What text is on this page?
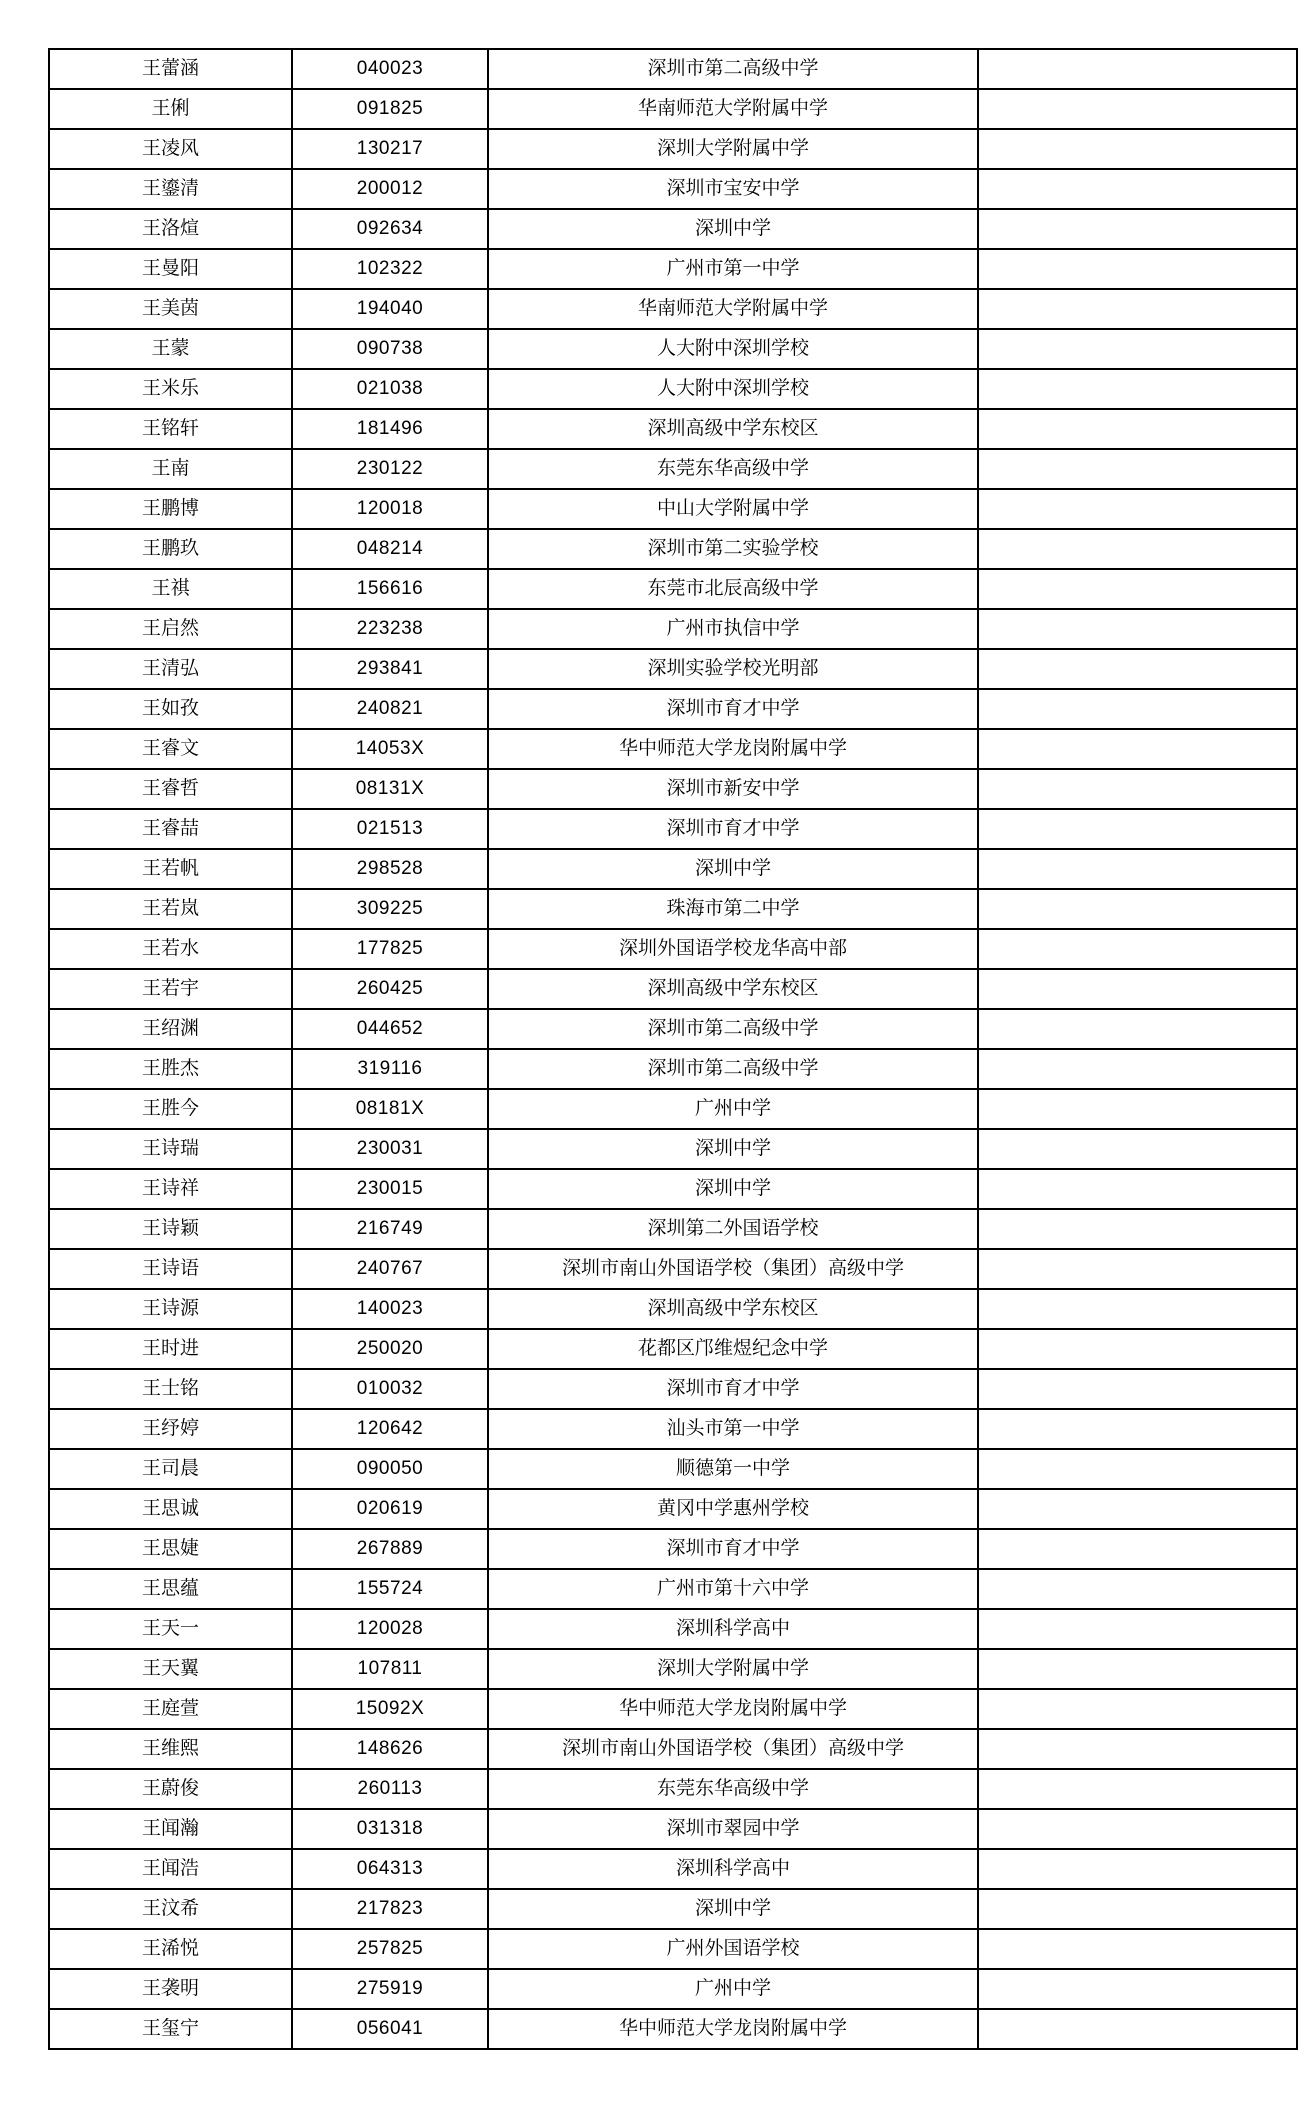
王蕾涵	040023	深圳市第二高级中学	
王俐	091825	华南师范大学附属中学	
王凌风	130217	深圳大学附属中学	
王鎏清	200012	深圳市宝安中学	
王洛煊	092634	深圳中学	
王曼阳	102322	广州市第一中学	
王美茵	194040	华南师范大学附属中学	
王蒙	090738	人大附中深圳学校	
王米乐	021038	人大附中深圳学校	
王铭轩	181496	深圳高级中学东校区	
王南	230122	东莞东华高级中学	
王鹏博	120018	中山大学附属中学	
王鹏玖	048214	深圳市第二实验学校	
王祺	156616	东莞市北辰高级中学	
王启然	223238	广州市执信中学	
王清弘	293841	深圳实验学校光明部	
王如孜	240821	深圳市育才中学	
王睿文	14053X	华中师范大学龙岗附属中学	
王睿哲	08131X	深圳市新安中学	
王睿喆	021513	深圳市育才中学	
王若帆	298528	深圳中学	
王若岚	309225	珠海市第二中学	
王若水	177825	深圳外国语学校龙华高中部	
王若宇	260425	深圳高级中学东校区	
王绍渊	044652	深圳市第二高级中学	
王胜杰	319116	深圳市第二高级中学	
王胜今	08181X	广州中学	
王诗瑞	230031	深圳中学	
王诗祥	230015	深圳中学	
王诗颖	216749	深圳第二外国语学校	
王诗语	240767	深圳市南山外国语学校（集团）高级中学	
王诗源	140023	深圳高级中学东校区	
王时进	250020	花都区邝维煜纪念中学	
王士铭	010032	深圳市育才中学	
王纾婷	120642	汕头市第一中学	
王司晨	090050	顺德第一中学	
王思诚	020619	黄冈中学惠州学校	
王思婕	267889	深圳市育才中学	
王思蕴	155724	广州市第十六中学	
王天一	120028	深圳科学高中	
王天翼	107811	深圳大学附属中学	
王庭萱	15092X	华中师范大学龙岗附属中学	
王维熙	148626	深圳市南山外国语学校（集团）高级中学	
王蔚俊	260113	东莞东华高级中学	
王闻瀚	031318	深圳市翠园中学	
王闻浩	064313	深圳科学高中	
王汶希	217823	深圳中学	
王浠悦	257825	广州外国语学校	
王袭明	275919	广州中学	
王玺宁	056041	华中师范大学龙岗附属中学	
